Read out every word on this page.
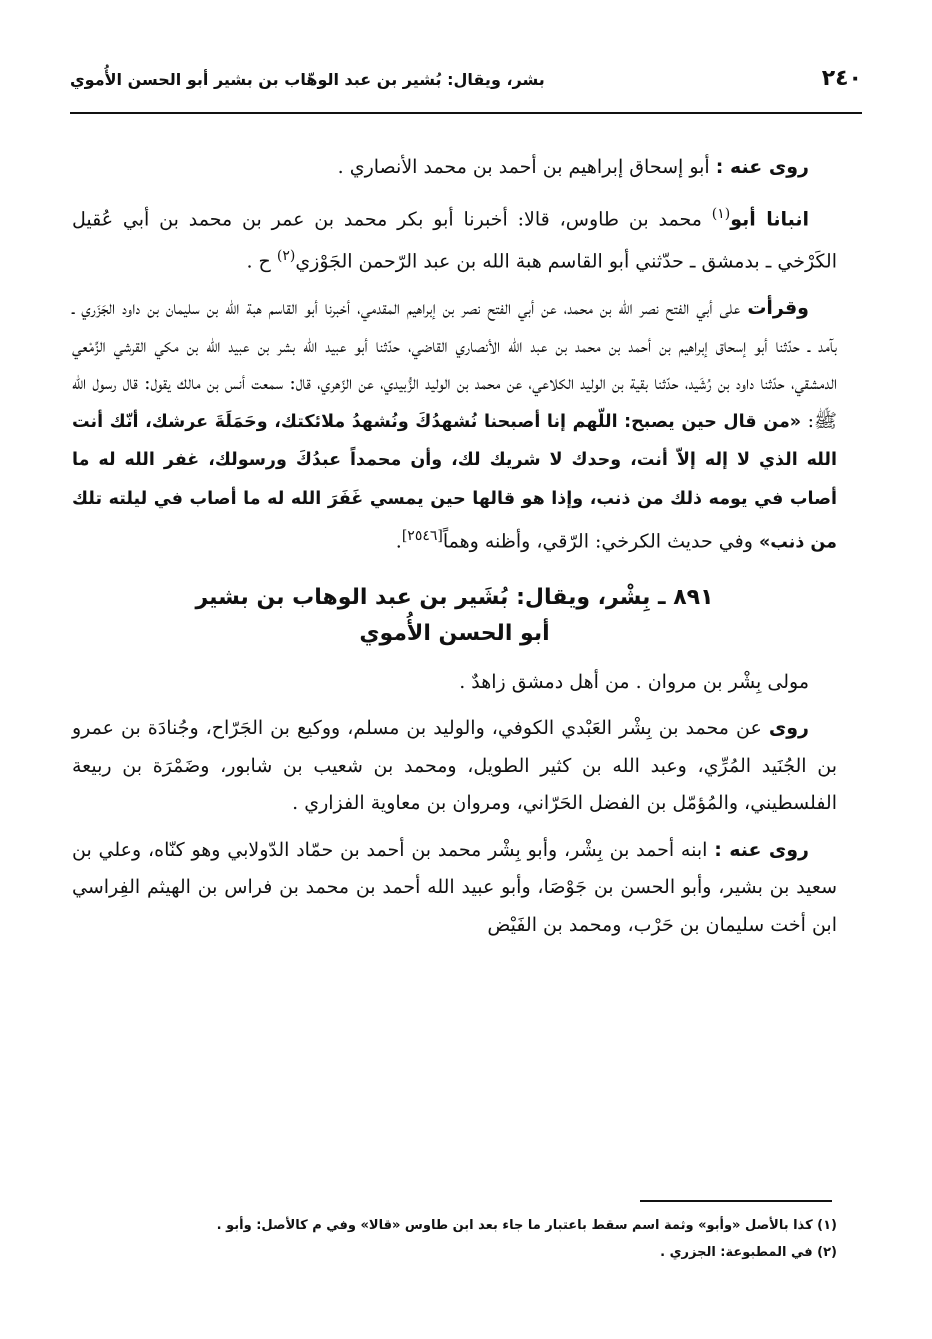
٢٤٠
بشر، ويقال: بُشير بن عبد الوهّاب بن بشير أبو الحسن الأُموي

روى عنه : أبو إسحاق إبراهيم بن أحمد بن محمد الأنصاري .

انبانا أبو$^{(١)}$ محمد بن طاوس، قالا: أخبرنا أبو بكر محمد بن عمر بن محمد بن أبي عُقيل الكَرْخي ـ بدمشق ـ حدّثني أبو القاسم هبة الله بن عبد الرّحمن الجَوْزي$^{(٢)}$ ح .

وقرأت على أبي الفتح نصر الله بن محمد، عن أبي الفتح نصر بن إبراهيم المقدمي، أخبرنا أبو القاسم هبة الله بن سليمان بن داود الجَزَري ـ بآمد ـ حدّثنا أبو إسحاق إبراهيم بن أحمد بن محمد بن عبد الله الأنصاري القاضي، حدّثنا أبو عبيد الله بشر بن عبيد الله بن مكي القرشي الزِّمْعي الدمشقي، حدّثنا داود بن رُشَيد، حدّثنا بقية بن الوليد الكلاعي، عن محمد بن الوليد الزُّبيدي، عن الزّهري، قال: سمعت أنس بن مالك يقول: قال رسول الله ﷺ: «من قال حين يصبح: اللّهم إنا أصبحنا نُشهدُكَ ونُشهدُ ملائكتك، وحَمَلَةَ عرشك، أنّك أنت الله الذي لا إله إلاّ أنت، وحدك لا شريك لك، وأن محمداً عبدُكَ ورسولك، غفر الله له ما أصاب في يومه ذلك من ذنب، وإذا هو قالها حين يمسي غَفَرَ الله له ما أصاب في ليلته تلك من ذنب» وفي حديث الكرخي: الرّقي، وأظنه وهماً[٢٥٤٦].

٨٩١ ـ بِشْر، ويقال: بُشَير بن عبد الوهاب بن بشير
أبو الحسن الأُموي

مولى بِشْر بن مروان . من أهل دمشق زاهدٌ .

روى عن محمد بن بِشْر العَبْدي الكوفي، والوليد بن مسلم، ووكيع بن الجَرّاح، وجُنادَة بن عمرو بن الجُنَيد المُرِّي، وعبد الله بن كثير الطويل، ومحمد بن شعيب بن شابور، وضَمْرَة بن ربيعة الفلسطيني، والمُؤمّل بن الفضل الحَرّاني، ومروان بن معاوية الفزاري .

روى عنه : ابنه أحمد بن بِشْر، وأبو بِشْر محمد بن أحمد بن حمّاد الدّولابي وهو كنّاه، وعلي بن سعيد بن بشير، وأبو الحسن بن جَوْصَا، وأبو عبيد الله أحمد بن محمد بن فراس بن الهيثم الفِراسي ابن أخت سليمان بن حَرْب، ومحمد بن الفَيْض

(١) كذا بالأصل «وأبو» وثمة اسم سقط باعتبار ما جاء بعد ابن طاوس «قالا» وفي م كالأصل: وأبو .

(٢) في المطبوعة: الجزري .
